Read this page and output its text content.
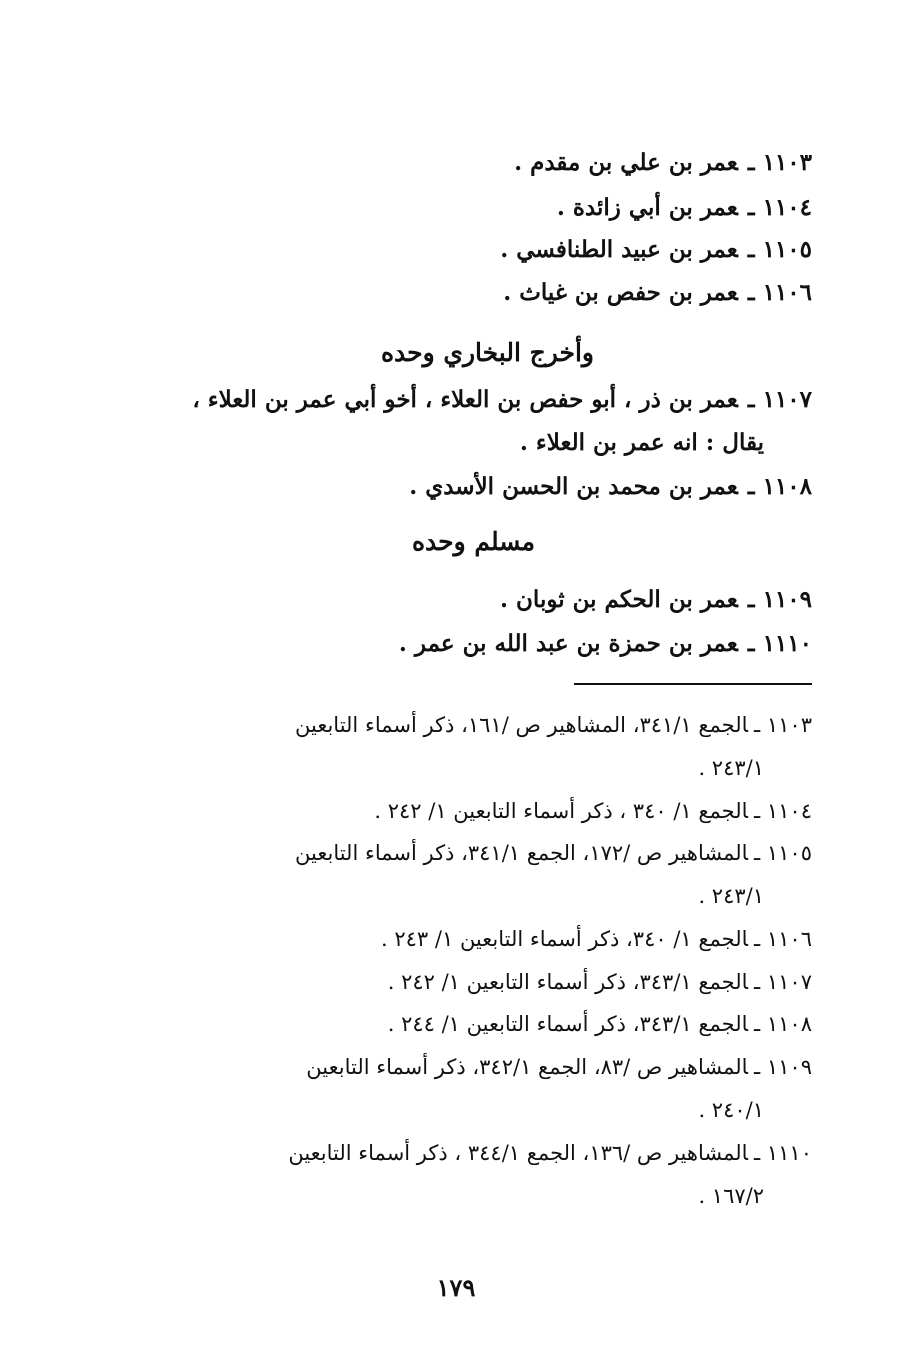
١١٠٣ ـعمر بن علي بن مقدم .
١١٠٤ ـعمر بن أبي زائدة .
١١٠٥ ـعمر بن عبيد الطنافسي .
١١٠٦ ـعمر بن حفص بن غياث .
وأخرج البخاري وحده
١١٠٧ ـعمر بن ذر ، أبو حفص بن العلاء ، أخو أبي عمر بن العلاء ،
يقال : انه عمر بن العلاء .
١١٠٨ ـعمر بن محمد بن الحسن الأسدي .
مسلم وحده
١١٠٩ ـعمر بن الحكم بن ثوبان .
١١١٠ ـعمر بن حمزة بن عبد الله بن عمر .
١١٠٣ ـالجمع ٣٤١/١، المشاهير ص /١٦١، ذكر أسماء التابعين
٢٤٣/١ .
١١٠٤ ـالجمع ١/ ٣٤٠ ، ذكر أسماء التابعين ١/ ٢٤٢ .
١١٠٥ ـالمشاهير ص /١٧٢، الجمع ٣٤١/١، ذكر أسماء التابعين
٢٤٣/١ .
١١٠٦ ـالجمع ١/ ٣٤٠، ذكر أسماء التابعين ١/ ٢٤٣ .
١١٠٧ ـالجمع ٣٤٣/١، ذكر أسماء التابعين ١/ ٢٤٢ .
١١٠٨ ـالجمع ٣٤٣/١، ذكر أسماء التابعين ١/ ٢٤٤ .
١١٠٩ ـالمشاهير ص /٨٣، الجمع ٣٤٢/١، ذكر أسماء التابعين
٢٤٠/١ .
١١١٠ ـالمشاهير ص /١٣٦، الجمع ٣٤٤/١ ، ذكر أسماء التابعين
١٦٧/٢ .
١٧٩
